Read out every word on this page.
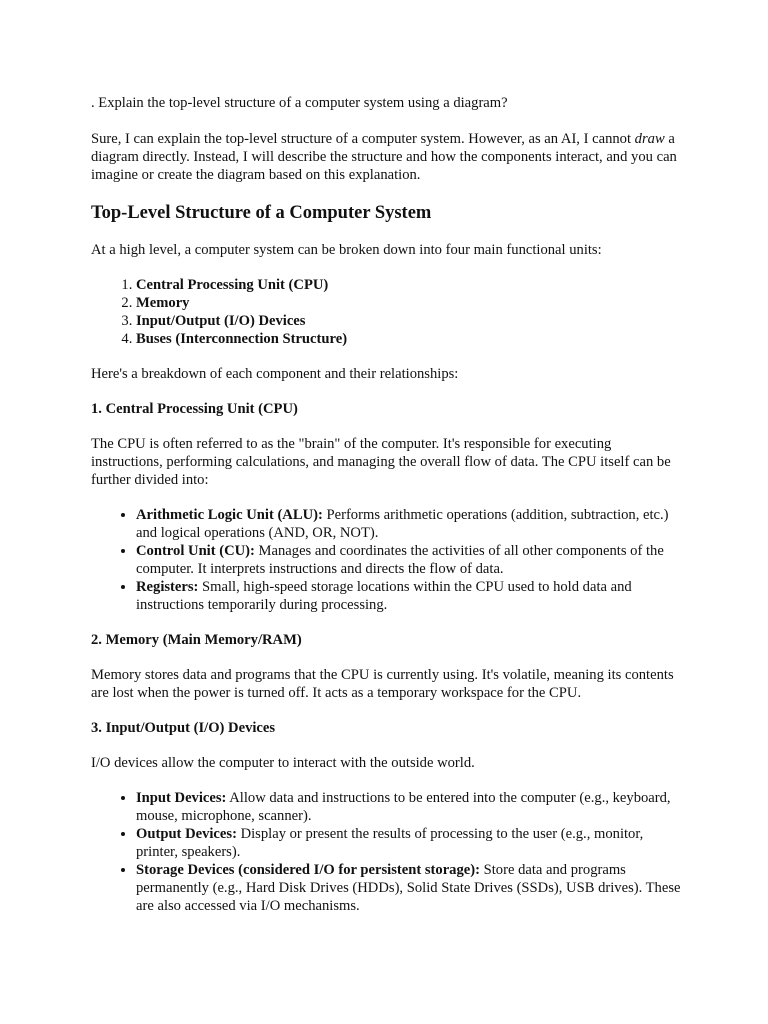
. Explain the top-level structure of a computer system using a diagram?

Sure, I can explain the top-level structure of a computer system. However, as an AI, I cannot draw a diagram directly. Instead, I will describe the structure and how the components interact, and you can imagine or create the diagram based on this explanation.

Top-Level Structure of a Computer System

At a high level, a computer system can be broken down into four main functional units:

1. Central Processing Unit (CPU)
2. Memory
3. Input/Output (I/O) Devices
4. Buses (Interconnection Structure)

Here's a breakdown of each component and their relationships:

1. Central Processing Unit (CPU)

The CPU is often referred to as the "brain" of the computer. It's responsible for executing instructions, performing calculations, and managing the overall flow of data. The CPU itself can be further divided into:

• Arithmetic Logic Unit (ALU): Performs arithmetic operations (addition, subtraction, etc.) and logical operations (AND, OR, NOT).
• Control Unit (CU): Manages and coordinates the activities of all other components of the computer. It interprets instructions and directs the flow of data.
• Registers: Small, high-speed storage locations within the CPU used to hold data and instructions temporarily during processing.
2. Memory (Main Memory/RAM)

Memory stores data and programs that the CPU is currently using. It's volatile, meaning its contents are lost when the power is turned off. It acts as a temporary workspace for the CPU.

3. Input/Output (I/O) Devices

I/O devices allow the computer to interact with the outside world.

• Input Devices: Allow data and instructions to be entered into the computer (e.g., keyboard, mouse, microphone, scanner).
• Output Devices: Display or present the results of processing to the user (e.g., monitor, printer, speakers).
• Storage Devices (considered I/O for persistent storage): Store data and programs permanently (e.g., Hard Disk Drives (HDDs), Solid State Drives (SSDs), USB drives). These are also accessed via I/O mechanisms.
